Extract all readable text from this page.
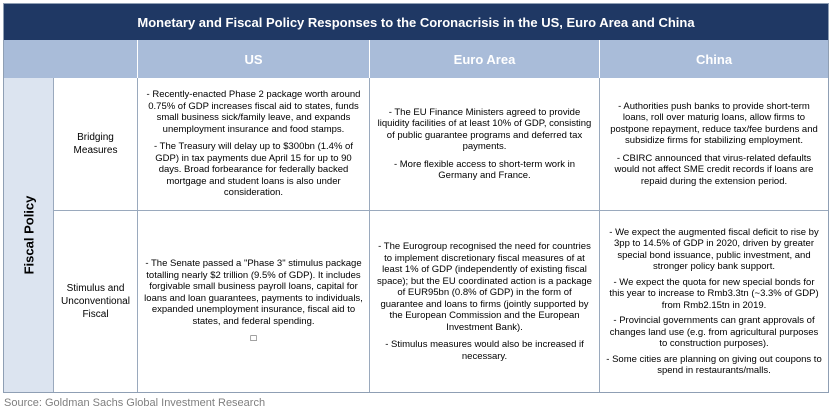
Monetary and Fiscal Policy Responses to the Coronacrisis in the US, Euro Area and China
US	Euro Area	China
Fiscal Policy
Bridging Measures

- Recently-enacted Phase 2 package worth around 0.75% of GDP increases fiscal aid to states, funds small business sick/family leave, and expands unemployment insurance and food stamps.

- The Treasury will delay up to $300bn (1.4% of GDP) in tax payments due April 15 for up to 90 days. Broad forbearance for federally backed mortgage and student loans is also under consideration.

- The EU Finance Ministers agreed to provide liquidity facilities of at least 10% of GDP, consisting of public guarantee programs and deferred tax payments.

- More flexible access to short-term work in Germany and France.

- Authorities push banks to provide short-term loans, roll over maturig loans, allow firms to postpone repayment, reduce tax/fee burdens and subsidize firms for stabilizing employment.

- CBIRC announced that virus-related defaults would not affect SME credit records if loans are repaid during the extension period.

Stimulus and Unconventional Fiscal

- The Senate passed a "Phase 3" stimulus package totalling nearly $2 trillion (9.5% of GDP). It includes forgivable small business payroll loans, capital for loans and loan guarantees, payments to individuals, expanded unemployment insurance, fiscal aid to states, and federal spending.

□

- The Eurogroup recognised the need for countries to implement discretionary fiscal measures of at least 1% of GDP (independently of existing fiscal space); but the EU coordinated action is a package of EUR95bn (0.8% of GDP) in the form of guarantee and loans to firms (jointly supported by the European Commission and the European Investment Bank).

- Stimulus measures would also be increased if necessary.

- We expect the augmented fiscal deficit to rise by 3pp to 14.5% of GDP in 2020, driven by greater special bond issuance, public investment, and stronger policy bank support.

- We expect the quota for new special bonds for this year to increase to Rmb3.3tn (~3.3% of GDP) from Rmb2.15tn in 2019.

- Provincial governments can grant approvals of changes land use (e.g. from agricultural purposes to construction purposes).

- Some cities are planning on giving out coupons to spend in restaurants/malls.

Source: Goldman Sachs Global Investment Research
